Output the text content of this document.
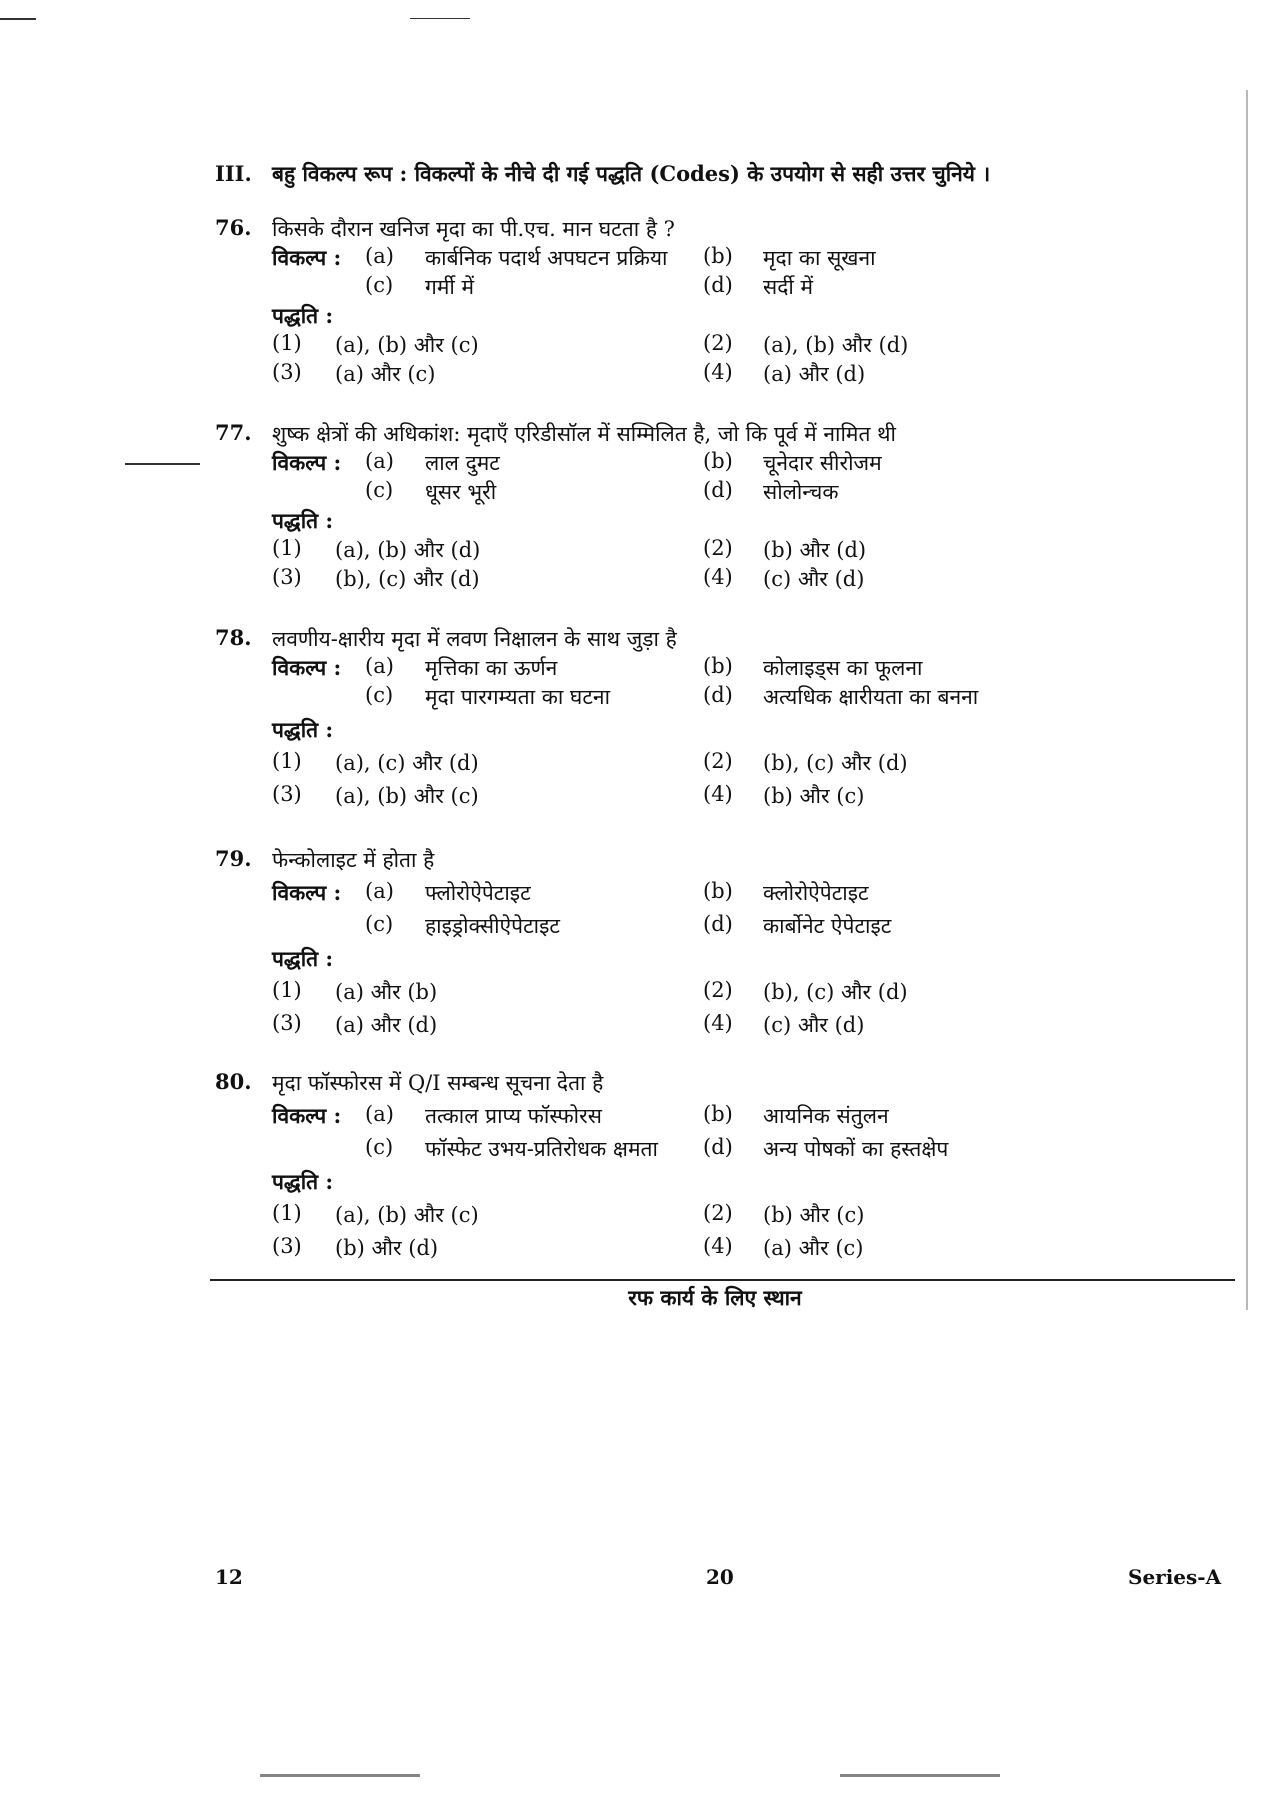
III. बहु विकल्प रूप : विकल्पों के नीचे दी गई पद्धति (Codes) के उपयोग से सही उत्तर चुनिये ।
76. किसके दौरान खनिज मृदा का पी.एच. मान घटता है ?
विकल्प : (a) कार्बनिक पदार्थ अपघटन प्रक्रिया (b) मृदा का सूखना
(c) गर्मी में	(d) सर्दी में
पद्धति :
(1) (a), (b) और (c)	(2) (a), (b) और (d)
(3) (a) और (c)	(4) (a) और (d)
77. शुष्क क्षेत्रों की अधिकांश: मृदाएँ एरिडीसॉल में सम्मिलित है, जो कि पूर्व में नामित थी
विकल्प : (a) लाल दुमट	(b) चूनेदार सीरोजम
(c) धूसर भूरी	(d) सोलोन्चक
पद्धति :
(1) (a), (b) और (d)	(2) (b) और (d)
(3) (b), (c) और (d)	(4) (c) और (d)
78. लवणीय-क्षारीय मृदा में लवण निक्षालन के साथ जुड़ा है
विकल्प : (a) मृत्तिका का ऊर्णन	(b) कोलाइड्स का फूलना
(c) मृदा पारगम्यता का घटना	(d) अत्यधिक क्षारीयता का बनना
पद्धति :
(1) (a), (c) और (d)	(2) (b), (c) और (d)
(3) (a), (b) और (c)	(4) (b) और (c)
79. फेन्कोलाइट में होता है
विकल्प : (a) फ्लोरोऐपेटाइट	(b) क्लोरोऐपेटाइट
(c) हाइड्रोक्सीऐपेटाइट	(d) कार्बोनेट ऐपेटाइट
पद्धति :
(1) (a) और (b)	(2) (b), (c) और (d)
(3) (a) और (d)	(4) (c) और (d)
80. मृदा फॉस्फोरस में Q/I सम्बन्ध सूचना देता है
विकल्प : (a) तत्काल प्राप्य फॉस्फोरस	(b) आयनिक संतुलन
(c) फॉस्फेट उभय-प्रतिरोधक क्षमता (d) अन्य पोषकों का हस्तक्षेप
पद्धति :
(1) (a), (b) और (c)	(2) (b) और (c)
(3) (b) और (d)	(4) (a) और (c)
रफ कार्य के लिए स्थान
12	20	Series-A
